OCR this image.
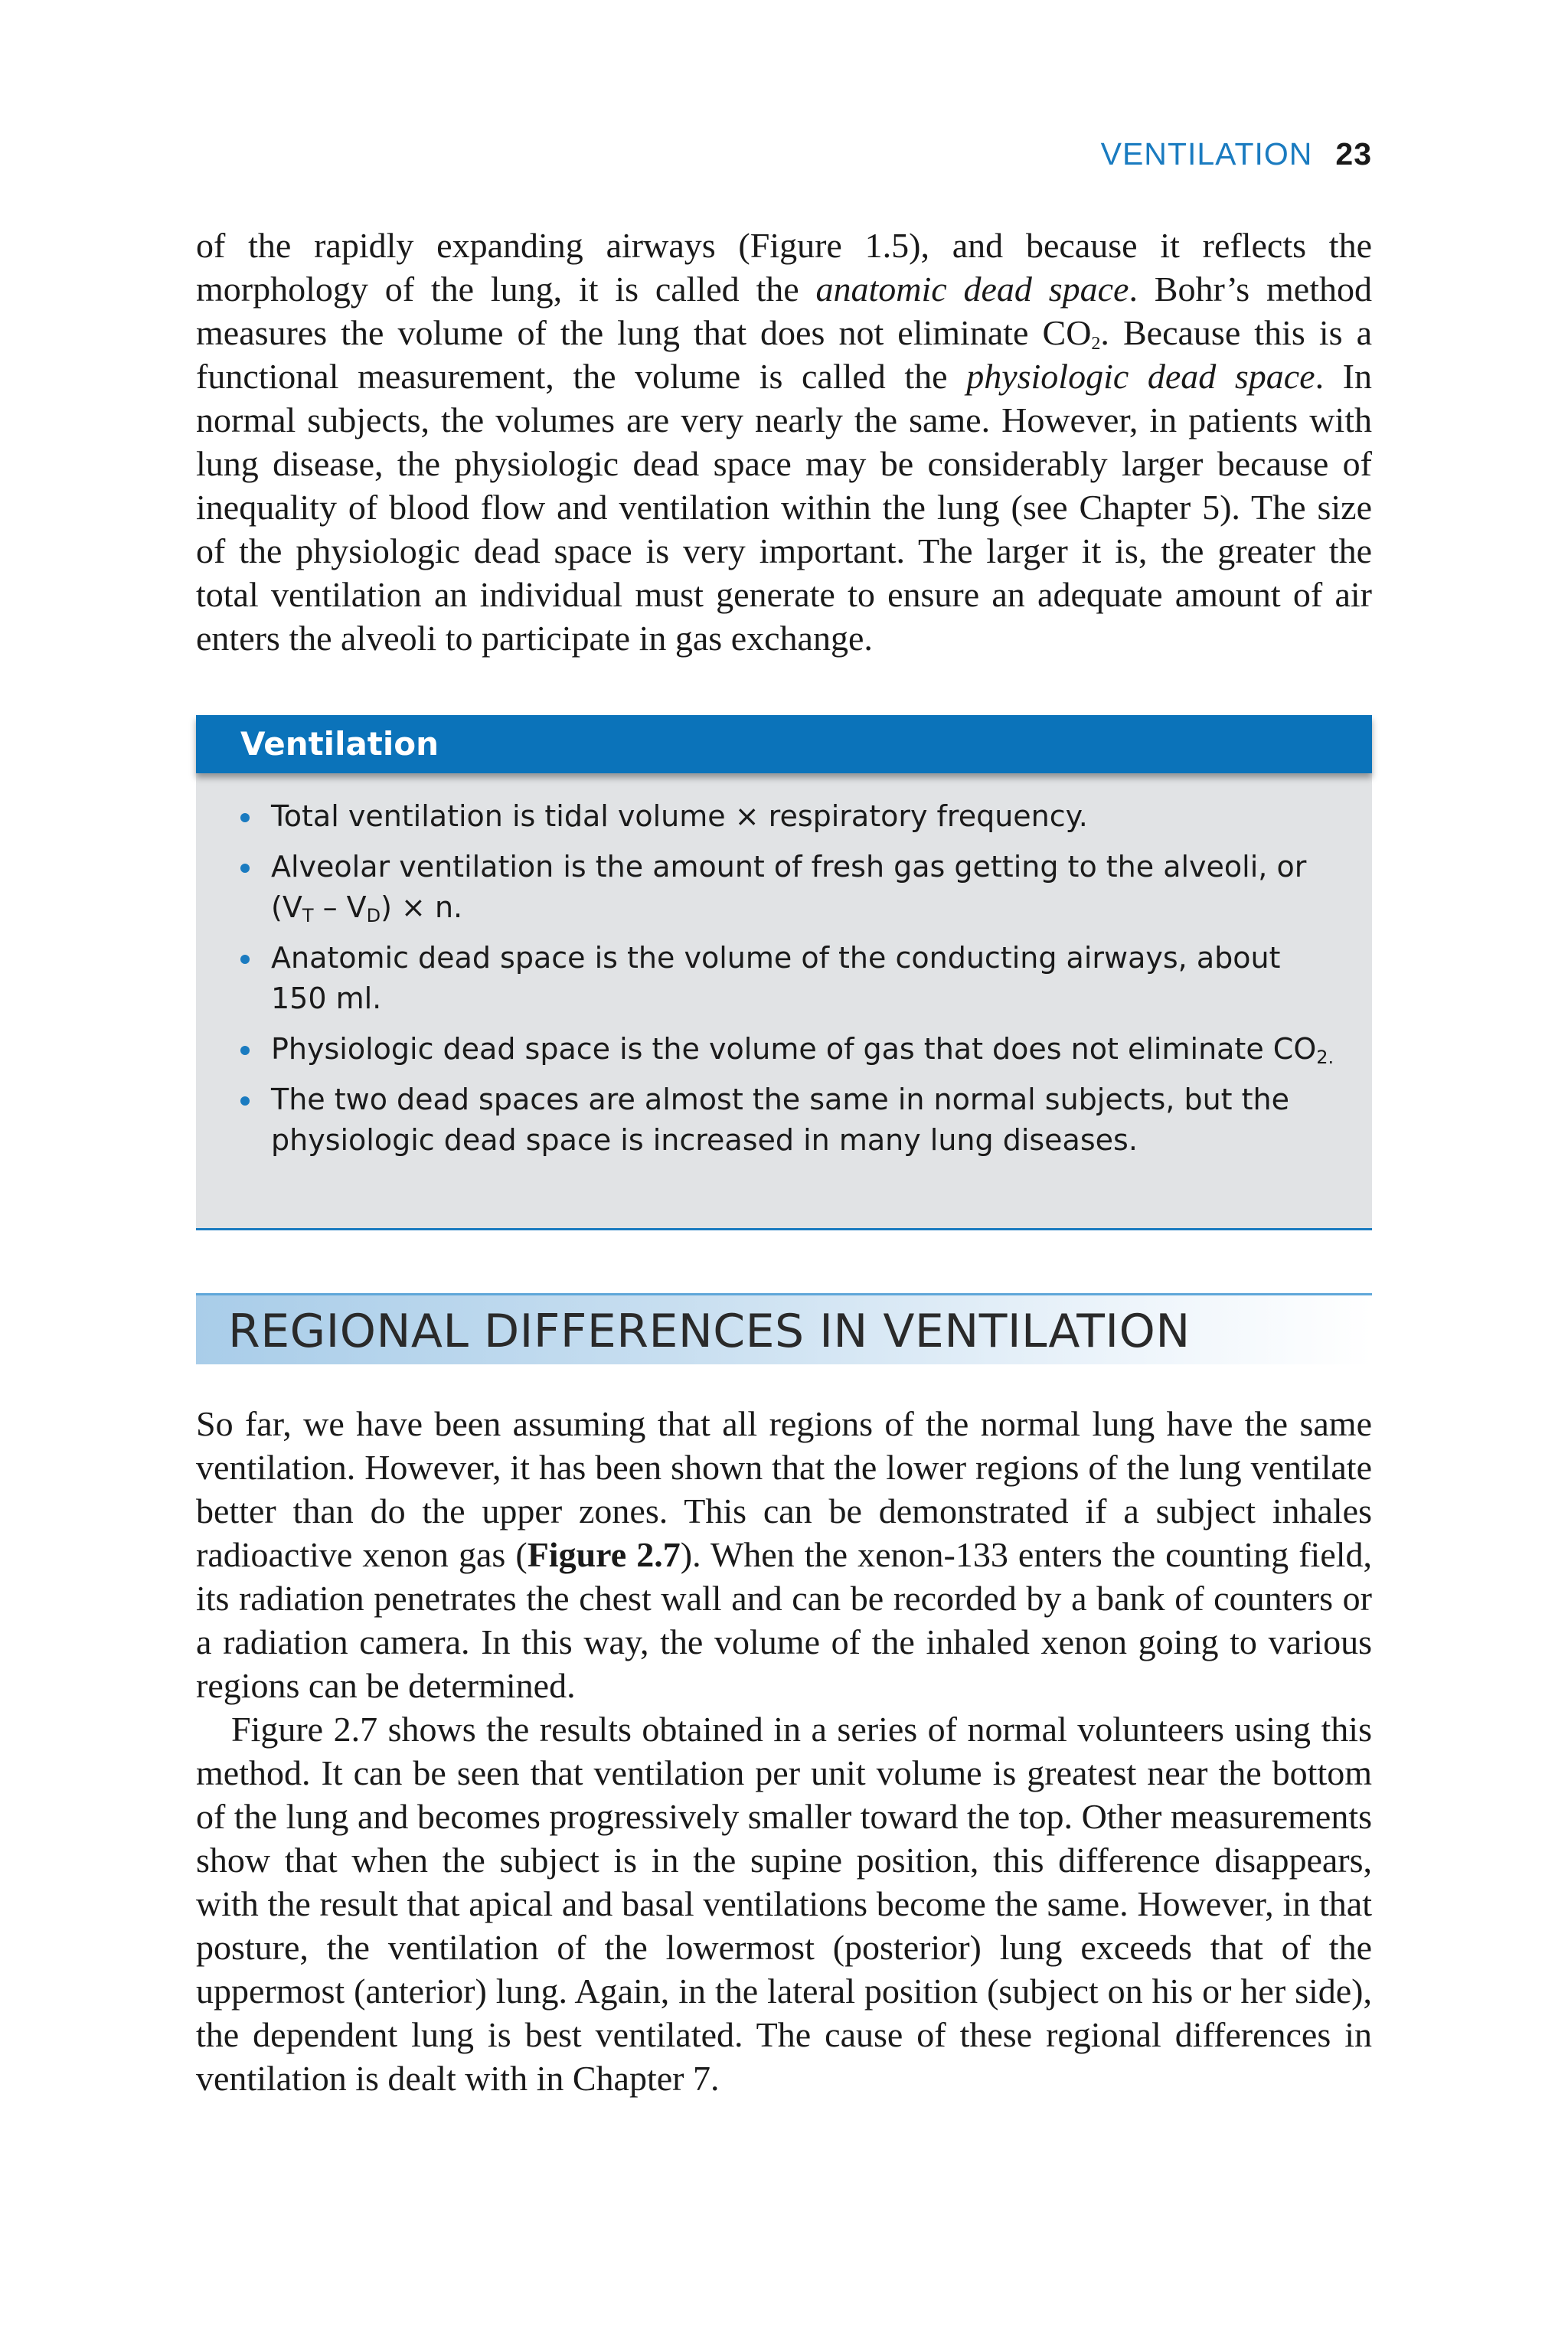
VENTILATION 23

of the rapidly expanding airways (Figure 1.5), and because it reflects the morphology of the lung, it is called the anatomic dead space. Bohr’s method measures the volume of the lung that does not eliminate $CO_2$. Because this is a functional measurement, the volume is called the physiologic dead space. In normal subjects, the volumes are very nearly the same. However, in patients with lung disease, the physiologic dead space may be considerably larger because of inequality of blood flow and ventilation within the lung (see Chapter 5). The size of the physiologic dead space is very important. The larger it is, the greater the total ventilation an individual must generate to ensure an adequate amount of air enters the alveoli to participate in gas exchange.

Ventilation
Total ventilation is tidal volume × respiratory frequency.
Alveolar ventilation is the amount of fresh gas getting to the alveoli, or $(V_T - V_D) \times n$.
Anatomic dead space is the volume of the conducting airways, about 150 ml.
Physiologic dead space is the volume of gas that does not eliminate $CO_{2.}$
The two dead spaces are almost the same in normal subjects, but the physiologic dead space is increased in many lung diseases.
REGIONAL DIFFERENCES IN VENTILATION

So far, we have been assuming that all regions of the normal lung have the same ventilation. However, it has been shown that the lower regions of the lung ventilate better than do the upper zones. This can be demonstrated if a subject inhales radioactive xenon gas (Figure 2.7). When the xenon-133 enters the counting field, its radiation penetrates the chest wall and can be recorded by a bank of counters or a radiation camera. In this way, the volume of the inhaled xenon going to various regions can be determined.

Figure 2.7 shows the results obtained in a series of normal volunteers using this method. It can be seen that ventilation per unit volume is greatest near the bottom of the lung and becomes progressively smaller toward the top. Other measurements show that when the subject is in the supine position, this difference disappears, with the result that apical and basal ventilations become the same. However, in that posture, the ventilation of the lowermost (posterior) lung exceeds that of the uppermost (anterior) lung. Again, in the lateral position (subject on his or her side), the dependent lung is best ventilated. The cause of these regional differences in ventilation is dealt with in Chapter 7.
